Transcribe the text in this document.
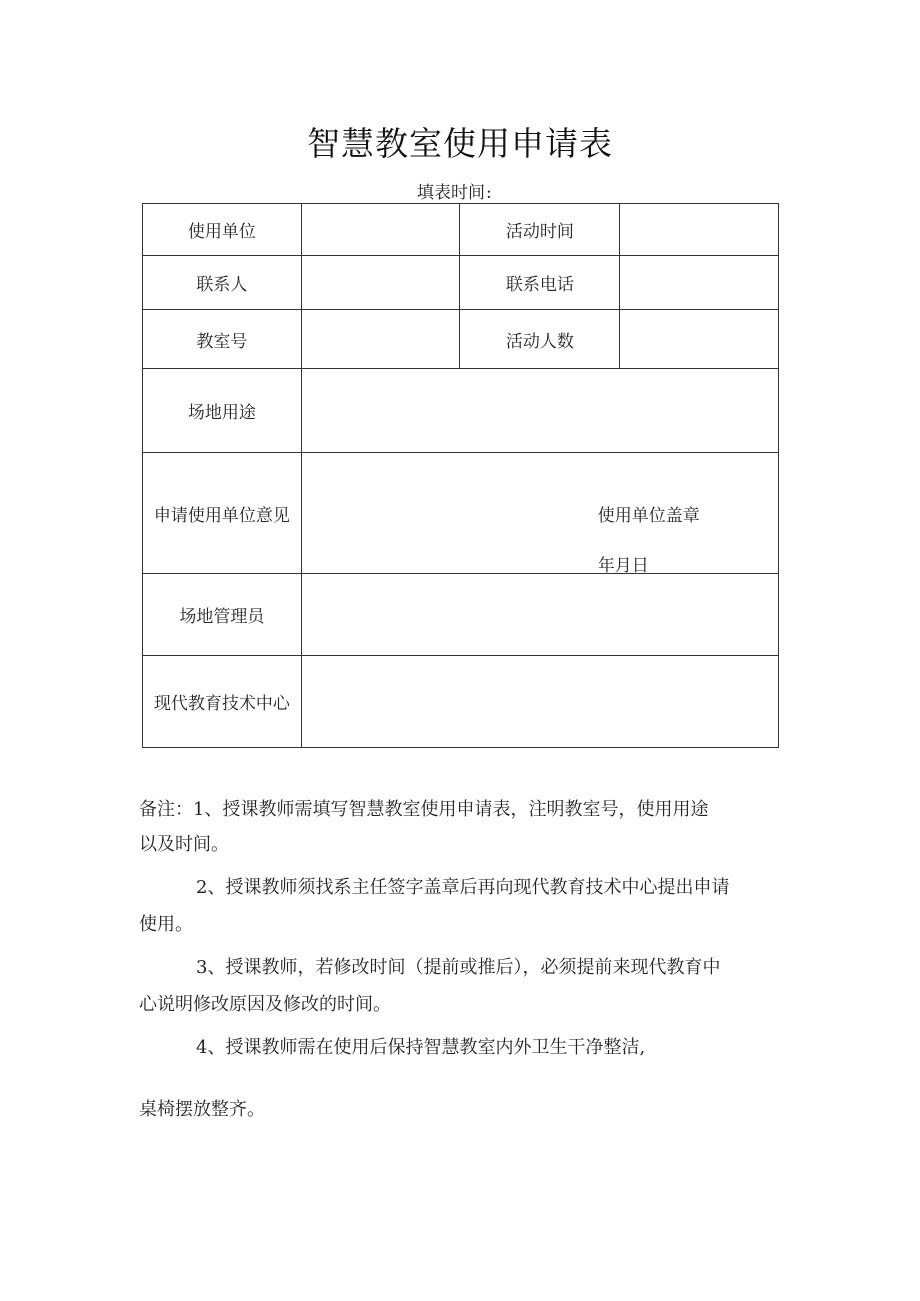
智慧教室使用申请表
填表时间:
使用单位		活动时间	
联系人		联系电话	
教室号		活动人数	
场地用途			
申请使用单位意见	使用单位盖章
年月日		

场地管理员			
现代教育技术中心			

备注：1、授课教师需填写智慧教室使用申请表，注明教室号，使用用途

以及时间。

2、授课教师须找系主任签字盖章后再向现代教育技术中心提出申请

使用。

3、授课教师，若修改时间（提前或推后），必须提前来现代教育中

心说明修改原因及修改的时间。

4、授课教师需在使用后保持智慧教室内外卫生干净整洁,

桌椅摆放整齐。
